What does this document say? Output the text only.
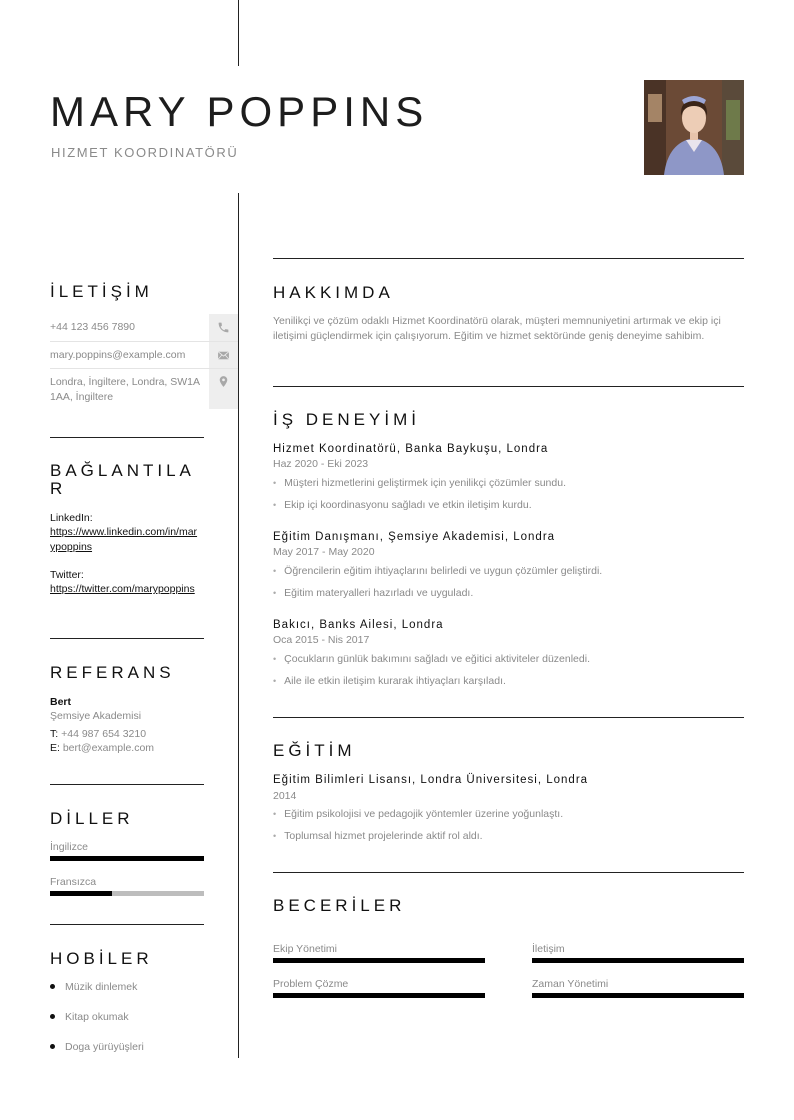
MARY POPPINS
HIZMET KOORDINATÖRÜ
İLETİŞİM
+44 123 456 7890
mary.poppins@example.com
Londra, İngiltere, Londra, SW1A 1AA, İngiltere
BAĞLANTILA R
LinkedIn:
https://www.linkedin.com/in/marypoppins
Twitter:
https://twitter.com/marypoppins
REFERANS
Bert
Şemsiye Akademisi
T: +44 987 654 3210
E: bert@example.com
DİLLER
İngilizce
Fransızca
HOBİLER
Müzik dinlemek
Kitap okumak
Doga yürüyüşleri
HAKKIMDA

Yenilikçi ve çözüm odaklı Hizmet Koordinatörü olarak, müşteri memnuniyetini artırmak ve ekip içi iletişimi güçlendirmek için çalışıyorum. Eğitim ve hizmet sektöründe geniş deneyime sahibim.

İŞ DENEYİMİ
Hizmet Koordinatörü, Banka Baykuşu, Londra
Haz 2020 - Eki 2023
• Müşteri hizmetlerini geliştirmek için yenilikçi çözümler sundu.
• Ekip içi koordinasyonu sağladı ve etkin iletişim kurdu.
Eğitim Danışmanı, Şemsiye Akademisi, Londra
May 2017 - May 2020
• Öğrencilerin eğitim ihtiyaçlarını belirledi ve uygun çözümler geliştirdi.
• Eğitim materyalleri hazırladı ve uyguladı.
Bakıcı, Banks Ailesi, Londra
Oca 2015 - Nis 2017
• Çocukların günlük bakımını sağladı ve eğitici aktiviteler düzenledi.
• Aile ile etkin iletişim kurarak ihtiyaçları karşıladı.
EĞİTİM
Eğitim Bilimleri Lisansı, Londra Üniversitesi, Londra
2014
• Eğitim psikolojisi ve pedagojik yöntemler üzerine yoğunlaştı.
• Toplumsal hizmet projelerinde aktif rol aldı.
BECERİLER
Ekip Yönetimi	İletişim
Problem Çözme	Zaman Yönetimi
